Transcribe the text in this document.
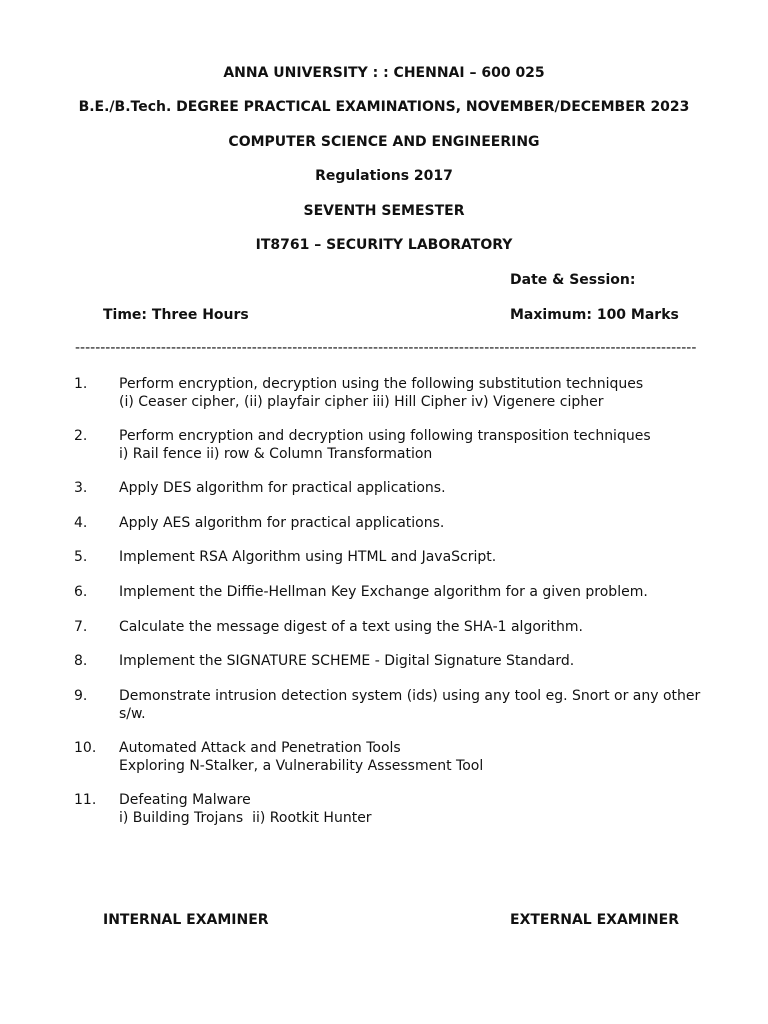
ANNA UNIVERSITY : : CHENNAI – 600 025
B.E./B.Tech. DEGREE PRACTICAL EXAMINATIONS, NOVEMBER/DECEMBER 2023
COMPUTER SCIENCE AND ENGINEERING
Regulations 2017
SEVENTH SEMESTER
IT8761 – SECURITY LABORATORY
Date & Session:
Time: Three Hours	Maximum: 100 Marks
---------------------------------------------------------------------------------------------------------------------------
1. Perform encryption, decryption using the following substitution techniques
(i) Ceaser cipher, (ii) playfair cipher iii) Hill Cipher iv) Vigenere cipher
2. Perform encryption and decryption using following transposition techniques
i) Rail fence ii) row & Column Transformation
3. Apply DES algorithm for practical applications.
4. Apply AES algorithm for practical applications.
5. Implement RSA Algorithm using HTML and JavaScript.
6. Implement the Diffie-Hellman Key Exchange algorithm for a given problem.
7. Calculate the message digest of a text using the SHA-1 algorithm.
8. Implement the SIGNATURE SCHEME - Digital Signature Standard.
9. Demonstrate intrusion detection system (ids) using any tool eg. Snort or any other
s/w.
10. Automated Attack and Penetration Tools
Exploring N-Stalker, a Vulnerability Assessment Tool
11. Defeating Malware
i) Building Trojans  ii) Rootkit Hunter
INTERNAL EXAMINER	EXTERNAL EXAMINER
